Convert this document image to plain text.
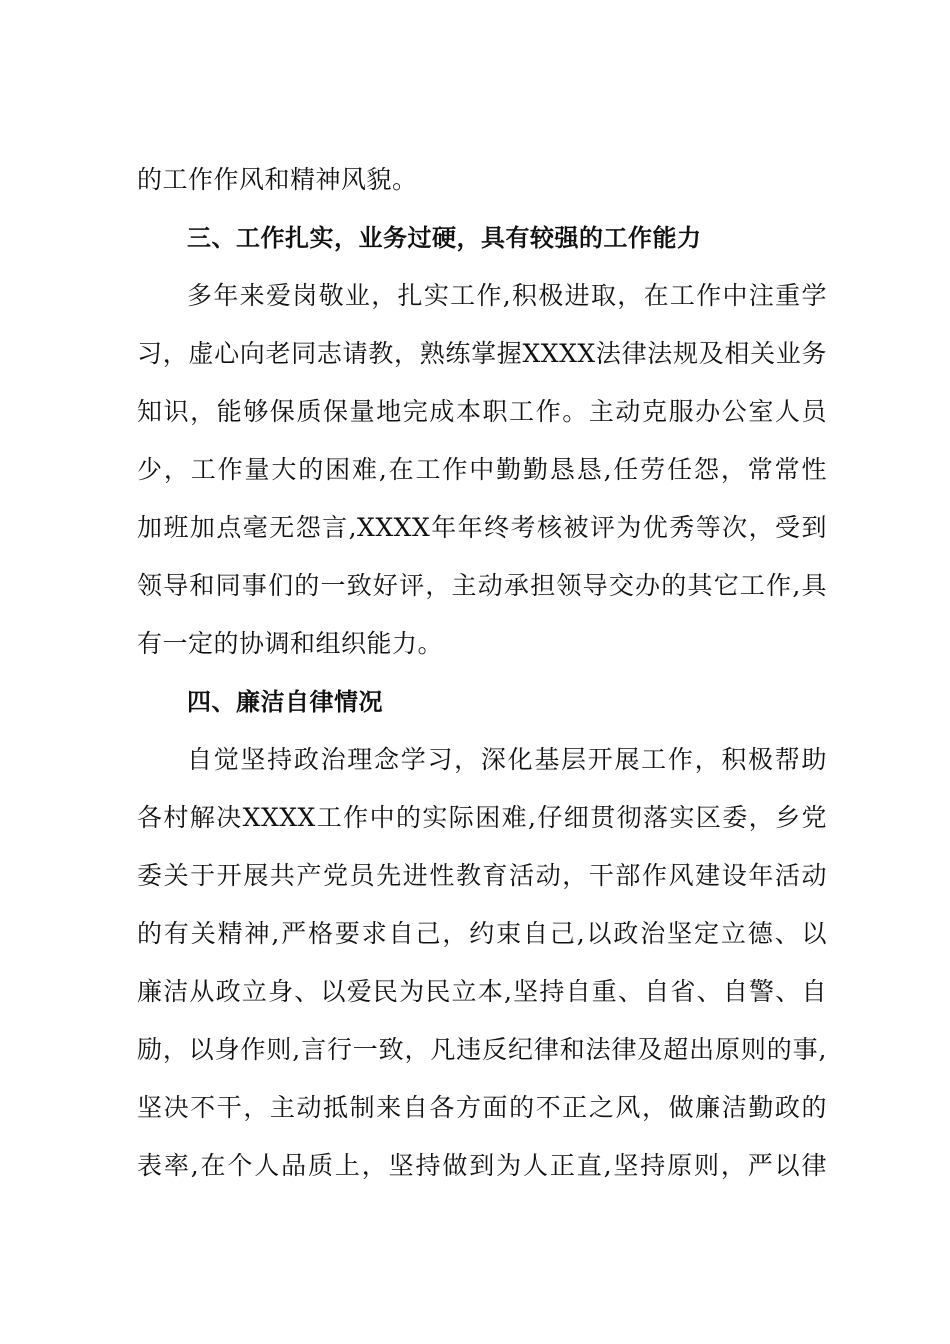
的工作作风和精神风貌。
三、工作扎实，业务过硬，具有较强的工作能力
多年来爱岗敬业，扎实工作,积极进取，在工作中注重学
习，虚心向老同志请教，熟练掌握XXXX法律法规及相关业务
知识，能够保质保量地完成本职工作。主动克服办公室人员
少，工作量大的困难,在工作中勤勤恳恳,任劳任怨，常常性
加班加点毫无怨言,XXXX年年终考核被评为优秀等次，受到
领导和同事们的一致好评，主动承担领导交办的其它工作,具
有一定的协调和组织能力。
四、廉洁自律情况
自觉坚持政治理念学习，深化基层开展工作，积极帮助
各村解决XXXX工作中的实际困难,仔细贯彻落实区委，乡党
委关于开展共产党员先进性教育活动，干部作风建设年活动
的有关精神,严格要求自己，约束自己,以政治坚定立德、以
廉洁从政立身、以爱民为民立本,坚持自重、自省、自警、自
励，以身作则,言行一致，凡违反纪律和法律及超出原则的事,
坚决不干，主动抵制来自各方面的不正之风，做廉洁勤政的
表率,在个人品质上，坚持做到为人正直,坚持原则，严以律
